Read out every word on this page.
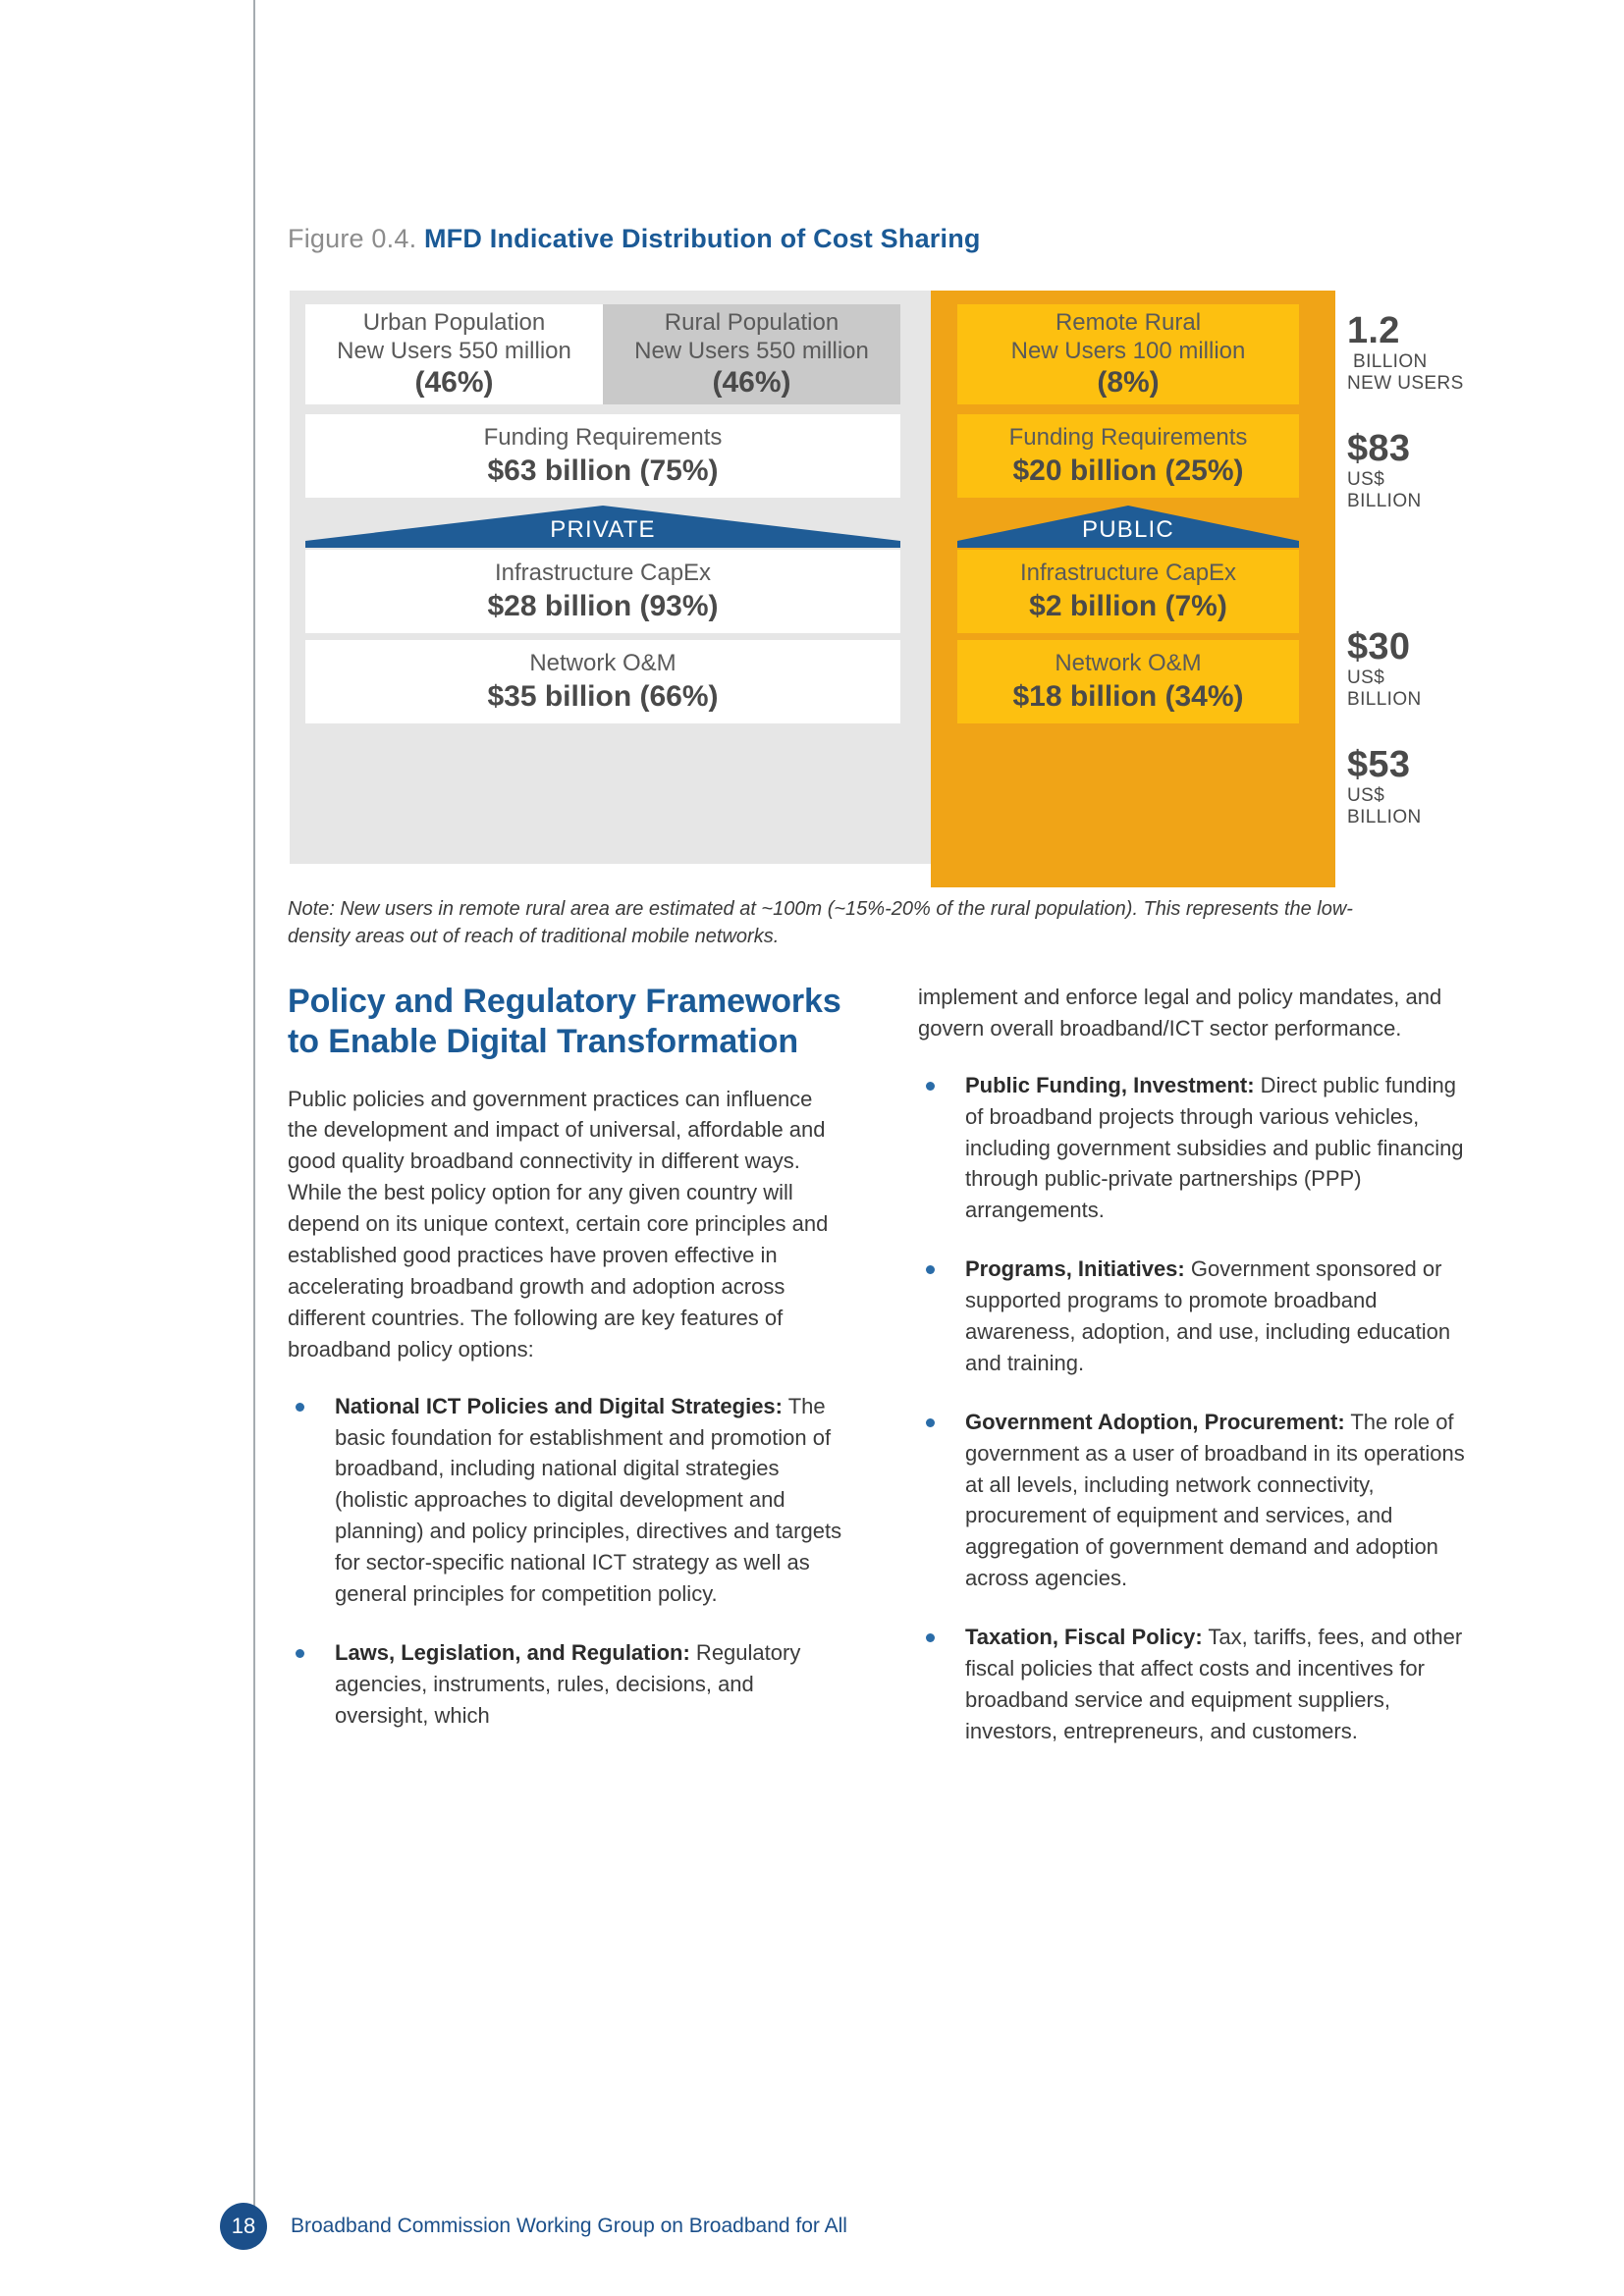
Figure 0.4. MFD Indicative Distribution of Cost Sharing
Urban Population
New Users 550 million
(46%)
Rural Population
New Users 550 million
(46%)
Remote Rural
New Users 100 million
(8%)
Funding Requirements
$63 billion (75%)
Funding Requirements
$20 billion (25%)
PRIVATE	PUBLIC
Infrastructure CapEx
$28 billion (93%)
Infrastructure CapEx
$2 billion (7%)
Network O&M
$35 billion (66%)
Network O&M
$18 billion (34%)
1.2
BILLION
NEW USERS
$83
US$
BILLION
$30
US$
BILLION
$53
US$
BILLION
Note: New users in remote rural area are estimated at ~100m (~15%-20% of the rural population). This represents the low-density areas out of reach of traditional mobile networks.
Policy and Regulatory Frameworks to Enable Digital Transformation

Public policies and government practices can influence the development and impact of universal, affordable and good quality broadband connectivity in different ways. While the best policy option for any given country will depend on its unique context, certain core principles and established good practices have proven effective in accelerating broadband growth and adoption across different countries. The following are key features of broadband policy options:

National ICT Policies and Digital Strategies: The basic foundation for establishment and promotion of broadband, including national digital strategies (holistic approaches to digital development and planning) and policy principles, directives and targets for sector-specific national ICT strategy as well as general principles for competition policy.
Laws, Legislation, and Regulation: Regulatory agencies, instruments, rules, decisions, and oversight, which

implement and enforce legal and policy mandates, and govern overall broadband/ICT sector performance.

Public Funding, Investment: Direct public funding of broadband projects through various vehicles, including government subsidies and public financing through public-private partnerships (PPP) arrangements.
Programs, Initiatives: Government sponsored or supported programs to promote broadband awareness, adoption, and use, including education and training.
Government Adoption, Procurement: The role of government as a user of broadband in its operations at all levels, including network connectivity, procurement of equipment and services, and aggregation of government demand and adoption across agencies.
Taxation, Fiscal Policy: Tax, tariffs, fees, and other fiscal policies that affect costs and incentives for broadband service and equipment suppliers, investors, entrepreneurs, and customers.
18	Broadband Commission Working Group on Broadband for All
